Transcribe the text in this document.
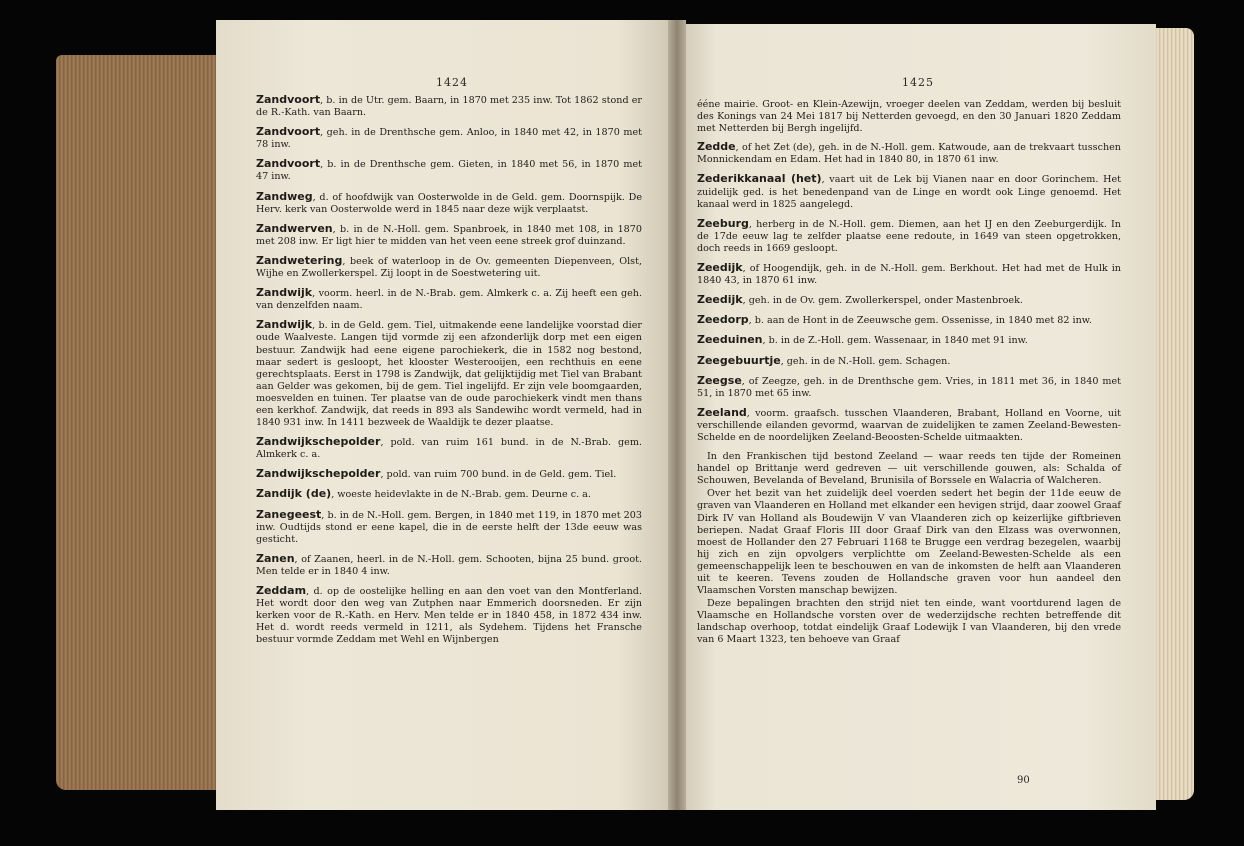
1424	1425

Zandvoort, b. in de Utr. gem. Baarn, in 1870 met 235 inw. Tot 1862 stond er de R.-Kath. van Baarn.

Zandvoort, geh. in de Drenthsche gem. Anloo, in 1840 met 42, in 1870 met 78 inw.

Zandvoort, b. in de Drenthsche gem. Gieten, in 1840 met 56, in 1870 met 47 inw.

Zandweg, d. of hoofdwijk van Oosterwolde in de Geld. gem. Doornspijk. De Herv. kerk van Oosterwolde werd in 1845 naar deze wijk verplaatst.

Zandwerven, b. in de N.-Holl. gem. Spanbroek, in 1840 met 108, in 1870 met 208 inw. Er ligt hier te midden van het veen eene streek grof duinzand.

Zandwetering, beek of waterloop in de Ov. gemeenten Diepenveen, Olst, Wijhe en Zwollerkerspel. Zij loopt in de Soestwetering uit.

Zandwijk, voorm. heerl. in de N.-Brab. gem. Almkerk c. a. Zij heeft een geh. van denzelfden naam.

Zandwijk, b. in de Geld. gem. Tiel, uitmakende eene landelijke voorstad dier oude Waalveste. Langen tijd vormde zij een afzonderlijk dorp met een eigen bestuur. Zandwijk had eene eigene parochiekerk, die in 1582 nog bestond, maar sedert is gesloopt, het klooster Westerooijen, een rechthuis en eene gerechtsplaats. Eerst in 1798 is Zandwijk, dat gelijktijdig met Tiel van Brabant aan Gelder was gekomen, bij de gem. Tiel ingelijfd. Er zijn vele boomgaarden, moesvelden en tuinen. Ter plaatse van de oude parochiekerk vindt men thans een kerkhof. Zandwijk, dat reeds in 893 als Sandewihc wordt vermeld, had in 1840 931 inw. In 1411 bezweek de Waaldijk te dezer plaatse.

Zandwijkschepolder, pold. van ruim 161 bund. in de N.-Brab. gem. Almkerk c. a.

Zandwijkschepolder, pold. van ruim 700 bund. in de Geld. gem. Tiel.

Zandijk (de), woeste heidevlakte in de N.-Brab. gem. Deurne c. a.

Zanegeest, b. in de N.-Holl. gem. Bergen, in 1840 met 119, in 1870 met 203 inw. Oudtijds stond er eene kapel, die in de eerste helft der 13de eeuw was gesticht.

Zanen, of Zaanen, heerl. in de N.-Holl. gem. Schooten, bijna 25 bund. groot. Men telde er in 1840 4 inw.

Zeddam, d. op de oostelijke helling en aan den voet van den Montferland. Het wordt door den weg van Zutphen naar Emmerich doorsneden. Er zijn kerken voor de R.-Kath. en Herv. Men telde er in 1840 458, in 1872 434 inw. Het d. wordt reeds vermeld in 1211, als Sydehem. Tijdens het Fransche bestuur vormde Zeddam met Wehl en Wijnbergen

ééne mairie. Groot- en Klein-Azewijn, vroeger deelen van Zeddam, werden bij besluit des Konings van 24 Mei 1817 bij Netterden gevoegd, en den 30 Januari 1820 Zeddam met Netterden bij Bergh ingelijfd.

Zedde, of het Zet (de), geh. in de N.-Holl. gem. Katwoude, aan de trekvaart tusschen Monnickendam en Edam. Het had in 1840 80, in 1870 61 inw.

Zederikkanaal (het), vaart uit de Lek bij Vianen naar en door Gorinchem. Het zuidelijk ged. is het benedenpand van de Linge en wordt ook Linge genoemd. Het kanaal werd in 1825 aangelegd.

Zeeburg, herberg in de N.-Holl. gem. Diemen, aan het IJ en den Zeeburgerdijk. In de 17de eeuw lag te zelfder plaatse eene redoute, in 1649 van steen opgetrokken, doch reeds in 1669 gesloopt.

Zeedijk, of Hoogendijk, geh. in de N.-Holl. gem. Berkhout. Het had met de Hulk in 1840 43, in 1870 61 inw.

Zeedijk, geh. in de Ov. gem. Zwollerkerspel, onder Mastenbroek.

Zeedorp, b. aan de Hont in de Zeeuwsche gem. Ossenisse, in 1840 met 82 inw.

Zeeduinen, b. in de Z.-Holl. gem. Wassenaar, in 1840 met 91 inw.

Zeegebuurtje, geh. in de N.-Holl. gem. Schagen.

Zeegse, of Zeegze, geh. in de Drenthsche gem. Vries, in 1811 met 36, in 1840 met 51, in 1870 met 65 inw.

Zeeland, voorm. graafsch. tusschen Vlaanderen, Brabant, Holland en Voorne, uit verschillende eilanden gevormd, waarvan de zuidelijken te zamen Zeeland-Bewesten-Schelde en de noordelijken Zeeland-Beoosten-Schelde uitmaakten.

In den Frankischen tijd bestond Zeeland — waar reeds ten tijde der Romeinen handel op Brittanje werd gedreven — uit verschillende gouwen, als: Schalda of Schouwen, Bevelanda of Beveland, Brunisila of Borssele en Walacria of Walcheren.

Over het bezit van het zuidelijk deel voerden sedert het begin der 11de eeuw de graven van Vlaanderen en Holland met elkander een hevigen strijd, daar zoowel Graaf Dirk IV van Holland als Boudewijn V van Vlaanderen zich op keizerlijke giftbrieven beriepen. Nadat Graaf Floris III door Graaf Dirk van den Elzass was overwonnen, moest de Hollander den 27 Februari 1168 te Brugge een verdrag bezegelen, waarbij hij zich en zijn opvolgers verplichtte om Zeeland-Bewesten-Schelde als een gemeenschappelijk leen te beschouwen en van de inkomsten de helft aan Vlaanderen uit te keeren. Tevens zouden de Hollandsche graven voor hun aandeel den Vlaamschen Vorsten manschap bewijzen.

Deze bepalingen brachten den strijd niet ten einde, want voortdurend lagen de Vlaamsche en Hollandsche vorsten over de wederzijdsche rechten betreffende dit landschap overhoop, totdat eindelijk Graaf Lodewijk I van Vlaanderen, bij den vrede van 6 Maart 1323, ten behoeve van Graaf

90
